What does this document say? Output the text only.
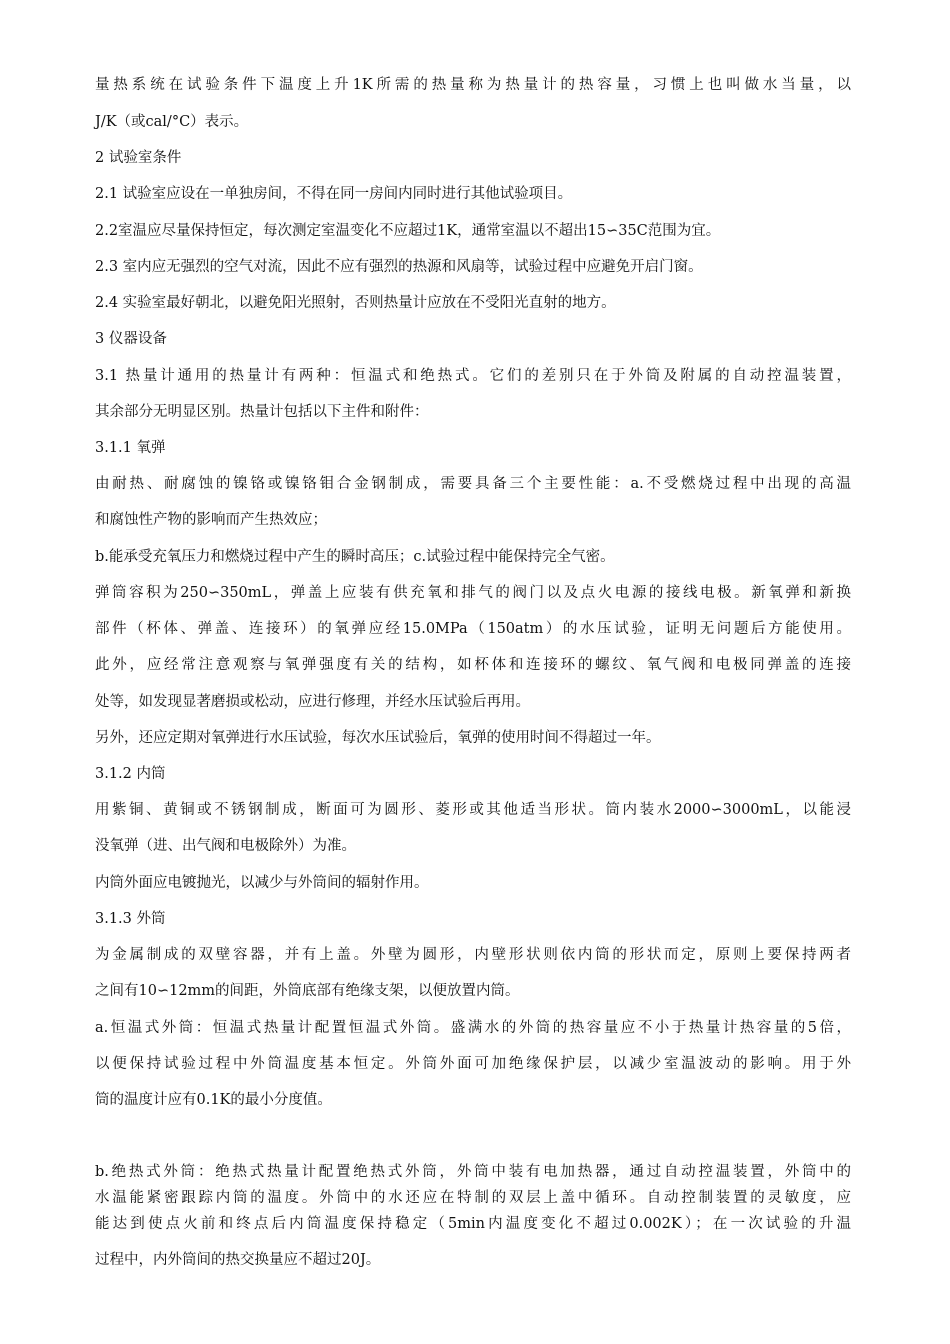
量热系统在试验条件下温度上升1K所需的热量称为热量计的热容量，习惯上也叫做水当量，以
J/K（或cal/°C）表示。
2 试验室条件
2.1 试验室应设在一单独房间，不得在同一房间内同时进行其他试验项目。
2.2室温应尽量保持恒定，每次测定室温变化不应超过1K，通常室温以不超出15∽35C范围为宜。
2.3 室内应无强烈的空气对流，因此不应有强烈的热源和风扇等，试验过程中应避免开启门窗。
2.4 实验室最好朝北，以避免阳光照射，否则热量计应放在不受阳光直射的地方。
3 仪器设备
3.1 热量计通用的热量计有两种：恒温式和绝热式。它们的差别只在于外筒及附属的自动控温装置，
其余部分无明显区别。热量计包括以下主件和附件：
3.1.1 氧弹
由耐热、耐腐蚀的镍铬或镍铬钼合金钢制成，需要具备三个主要性能：a.不受燃烧过程中出现的高温
和腐蚀性产物的影响而产生热效应；
b.能承受充氧压力和燃烧过程中产生的瞬时高压；c.试验过程中能保持完全气密。
弹筒容积为250∽350mL，弹盖上应装有供充氧和排气的阀门以及点火电源的接线电极。新氧弹和新换
部件（杯体、弹盖、连接环）的氧弹应经15.0MPa（150atm）的水压试验，证明无问题后方能使用。
此外，应经常注意观察与氧弹强度有关的结构，如杯体和连接环的螺纹、氧气阀和电极同弹盖的连接
处等，如发现显著磨损或松动，应进行修理，并经水压试验后再用。
另外，还应定期对氧弹进行水压试验，每次水压试验后，氧弹的使用时间不得超过一年。
3.1.2 内筒
用紫铜、黄铜或不锈钢制成，断面可为圆形、菱形或其他适当形状。筒内装水2000∽3000mL，以能浸
没氧弹（进、出气阀和电极除外）为准。
内筒外面应电镀抛光，以减少与外筒间的辐射作用。
3.1.3 外筒
为金属制成的双壁容器，并有上盖。外壁为圆形，内壁形状则依内筒的形状而定，原则上要保持两者
之间有10∽12mm的间距，外筒底部有绝缘支架，以便放置内筒。
a.恒温式外筒：恒温式热量计配置恒温式外筒。盛满水的外筒的热容量应不小于热量计热容量的5倍，
以便保持试验过程中外筒温度基本恒定。外筒外面可加绝缘保护层，以减少室温波动的影响。用于外
筒的温度计应有0.1K的最小分度值。
b.绝热式外筒：绝热式热量计配置绝热式外筒，外筒中装有电加热器，通过自动控温装置，外筒中的
水温能紧密跟踪内筒的温度。外筒中的水还应在特制的双层上盖中循环。自动控制装置的灵敏度，应
能达到使点火前和终点后内筒温度保持稳定（5min内温度变化不超过0.002K）；在一次试验的升温
过程中，内外筒间的热交换量应不超过20J。
